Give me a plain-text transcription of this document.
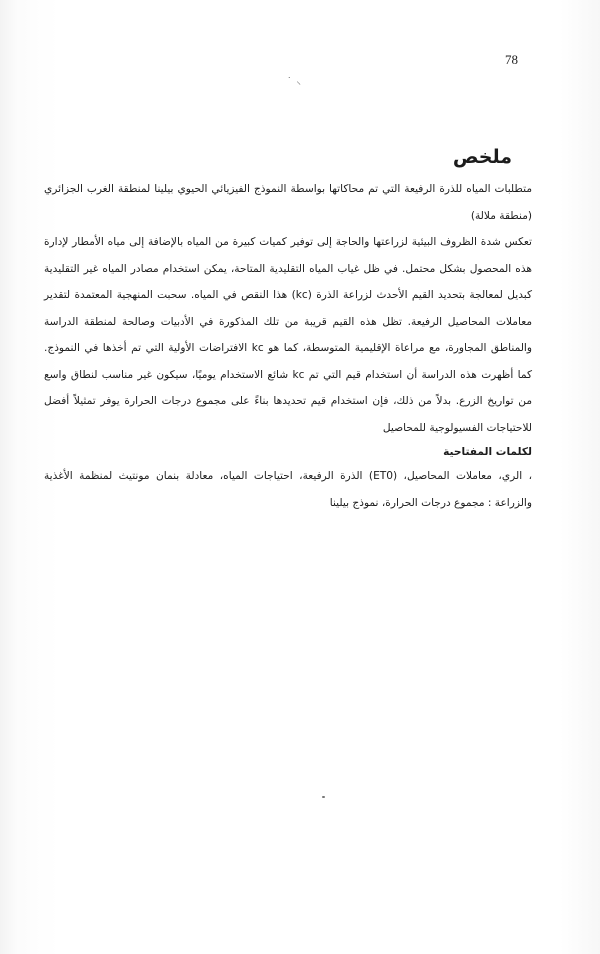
78
˙ ⸜
ملخص

متطلبات المياه للذرة الرفيعة التي تم محاكاتها بواسطة النموذج الفيزيائي الحيوي بيلينا لمنطقة الغرب الجزائري (منطقة ملالة)

تعكس شدة الظروف البيئية لزراعتها والحاجة إلى توفير كميات كبيرة من المياه بالإضافة إلى مياه الأمطار لإدارة هذه المحصول بشكل محتمل. في ظل غياب المياه التقليدية المتاحة، يمكن استخدام مصادر المياه غير التقليدية كبديل لمعالجة بتحديد القيم الأحدث لزراعة الذرة (kc) هذا النقص في المياه. سحبت المنهجية المعتمدة لتقدير معاملات المحاصيل الرفيعة. تظل هذه القيم قريبة من تلك المذكورة في الأدبيات وصالحة لمنطقة الدراسة والمناطق المجاورة، مع مراعاة الإقليمية المتوسطة، كما هو kc الافتراضات الأولية التي تم أخذها في النموذج. كما أظهرت هذه الدراسة أن استخدام قيم التي تم kc شائع الاستخدام يوميًا، سيكون غير مناسب لنطاق واسع من تواريخ الزرع. بدلاً من ذلك، فإن استخدام قيم تحديدها بناءً على مجموع درجات الحرارة يوفر تمثيلاً أفضل للاحتياجات الفسيولوجية للمحاصيل

لكلمات المفتاحية

، الري، معاملات المحاصيل، (ET0) الذرة الرفيعة، احتياجات المياه، معادلة بنمان مونتيث لمنظمة الأغذية والزراعة : مجموع درجات الحرارة، نموذج بيلينا
